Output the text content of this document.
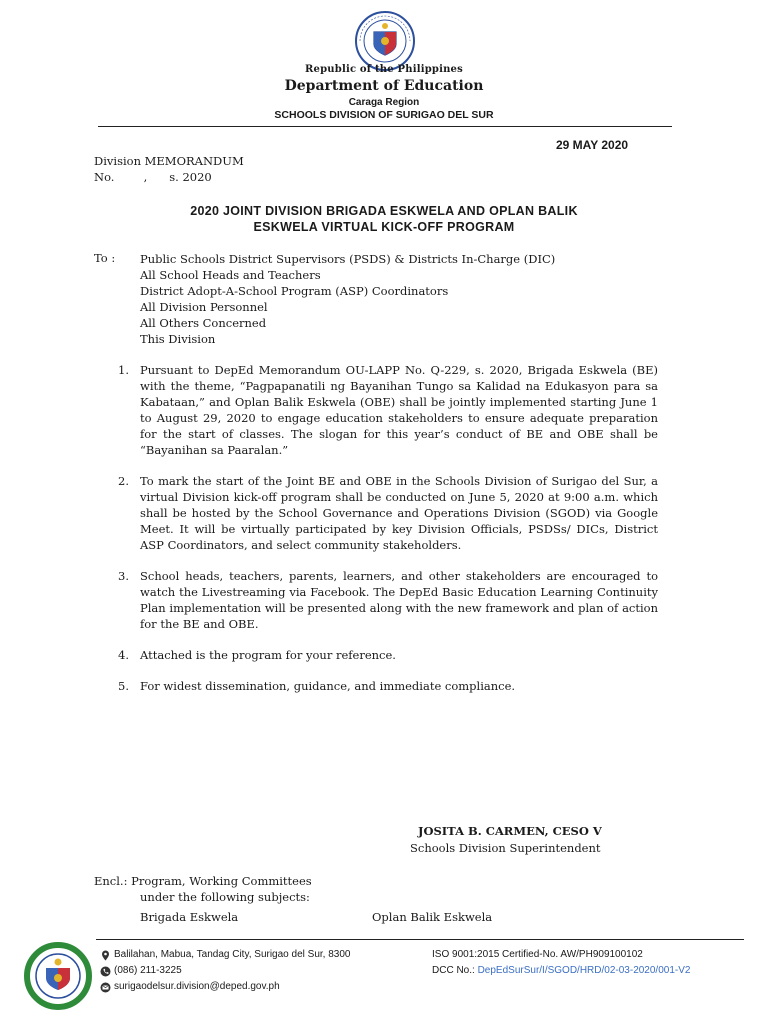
Republic of the Philippines
Department of Education
Caraga Region
SCHOOLS DIVISION OF SURIGAO DEL SUR
29 MAY 2020
Division MEMORANDUM
No.        ,      s. 2020
2020 JOINT DIVISION BRIGADA ESKWELA AND OPLAN BALIK
ESKWELA VIRTUAL KICK-OFF PROGRAM
To : Public Schools District Supervisors (PSDS) & Districts In-Charge (DIC)
All School Heads and Teachers
District Adopt-A-School Program (ASP) Coordinators
All Division Personnel
All Others Concerned
This Division
1. Pursuant to DepEd Memorandum OU-LAPP No. Q-229, s. 2020, Brigada Eskwela (BE) with the theme, “Pagpapanatili ng Bayanihan Tungo sa Kalidad na Edukasyon para sa Kabataan,” and Oplan Balik Eskwela (OBE) shall be jointly implemented starting June 1 to August 29, 2020 to engage education stakeholders to ensure adequate preparation for the start of classes. The slogan for this year’s conduct of BE and OBE shall be “Bayanihan sa Paaralan.”
2. To mark the start of the Joint BE and OBE in the Schools Division of Surigao del Sur, a virtual Division kick-off program shall be conducted on June 5, 2020 at 9:00 a.m. which shall be hosted by the School Governance and Operations Division (SGOD) via Google Meet. It will be virtually participated by key Division Officials, PSDSs/ DICs, District ASP Coordinators, and select community stakeholders.
3. School heads, teachers, parents, learners, and other stakeholders are encouraged to watch the Livestreaming via Facebook. The DepEd Basic Education Learning Continuity Plan implementation will be presented along with the new framework and plan of action for the BE and OBE.
4. Attached is the program for your reference.
5. For widest dissemination, guidance, and immediate compliance.
JOSITA B. CARMEN, CESO V
Schools Division Superintendent
Encl.: Program, Working Committees
under the following subjects:
Brigada Eskwela	Oplan Balik Eskwela
Balilahan, Mabua, Tandag City, Surigao del Sur, 8300
(086) 211-3225
surigaodelsur.division@deped.gov.ph
ISO 9001:2015 Certified-No. AW/PH909100102
DCC No.: DepEdSurSur/I/SGOD/HRD/02-03-2020/001-V2
